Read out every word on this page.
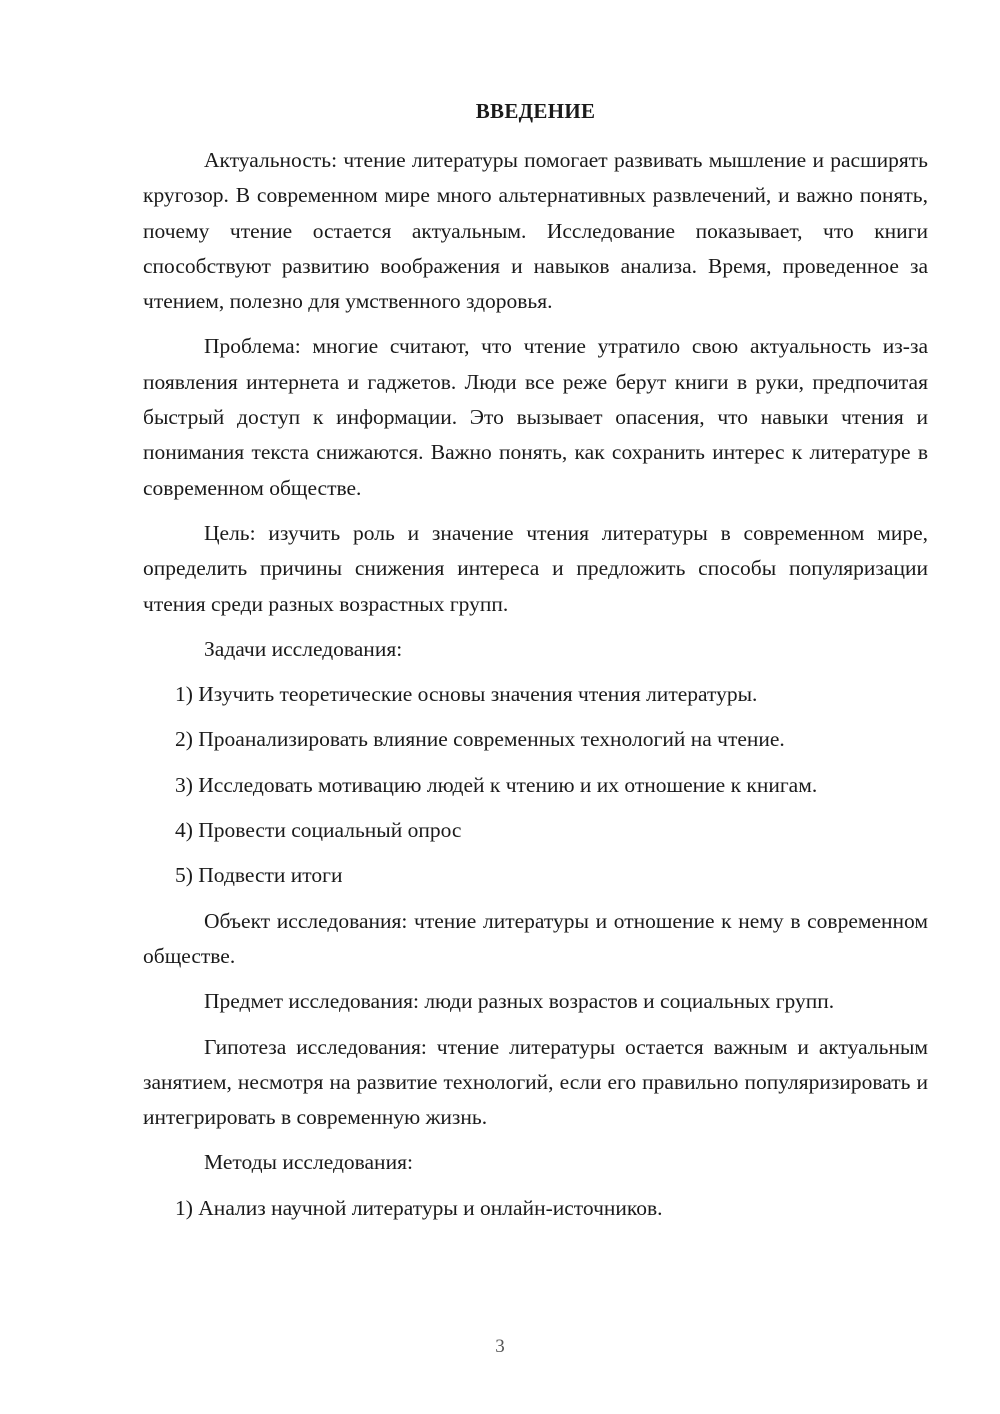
ВВЕДЕНИЕ

Актуальность: чтение литературы помогает развивать мышление и расширять кругозор. В современном мире много альтернативных развлечений, и важно понять, почему чтение остается актуальным. Исследование показывает, что книги способствуют развитию воображения и навыков анализа. Время, проведенное за чтением, полезно для умственного здоровья.

Проблема: многие считают, что чтение утратило свою актуальность из-за появления интернета и гаджетов. Люди все реже берут книги в руки, предпочитая быстрый доступ к информации. Это вызывает опасения, что навыки чтения и понимания текста снижаются. Важно понять, как сохранить интерес к литературе в современном обществе.

Цель: изучить роль и значение чтения литературы в современном мире, определить причины снижения интереса и предложить способы популяризации чтения среди разных возрастных групп.

Задачи исследования:

1) Изучить теоретические основы значения чтения литературы.

2) Проанализировать влияние современных технологий на чтение.

3) Исследовать мотивацию людей к чтению и их отношение к книгам.

4) Провести социальный опрос

5) Подвести итоги

Объект исследования: чтение литературы и отношение к нему в современном обществе.

Предмет исследования: люди разных возрастов и социальных групп.

Гипотеза исследования: чтение литературы остается важным и актуальным занятием, несмотря на развитие технологий, если его правильно популяризировать и интегрировать в современную жизнь.

Методы исследования:

1) Анализ научной литературы и онлайн-источников.

3
